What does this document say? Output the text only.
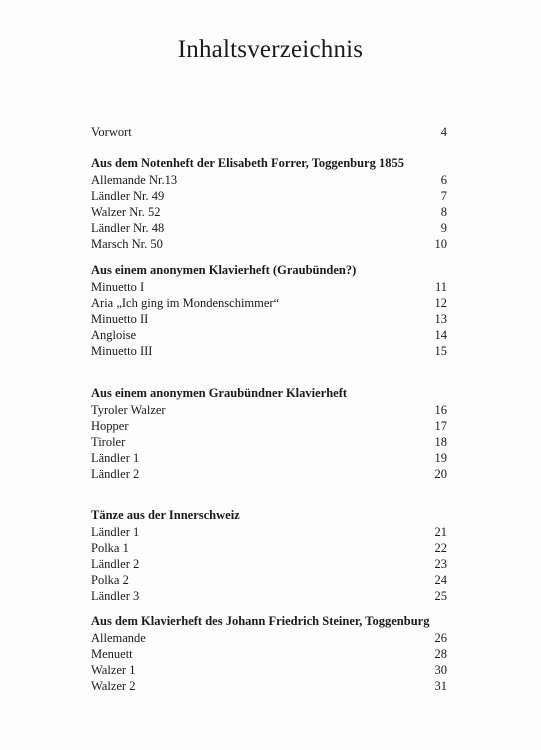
Inhaltsverzeichnis
Vorwort	4
Aus dem Notenheft der Elisabeth Forrer, Toggenburg 1855
Allemande Nr.13	6
Ländler Nr. 49	7
Walzer Nr. 52	8
Ländler Nr. 48	9
Marsch Nr. 50	10
Aus einem anonymen Klavierheft (Graubünden?)
Minuetto I	11
Aria „Ich ging im Mondenschimmer“	12
Minuetto II	13
Angloise	14
Minuetto III	15
Aus einem anonymen Graubündner Klavierheft
Tyroler Walzer	16
Hopper	17
Tiroler	18
Ländler 1	19
Ländler 2	20
Tänze aus der Innerschweiz
Ländler 1	21
Polka 1	22
Ländler 2	23
Polka 2	24
Ländler 3	25
Aus dem Klavierheft des Johann Friedrich Steiner, Toggenburg
Allemande	26
Menuett	28
Walzer 1	30
Walzer 2	31
